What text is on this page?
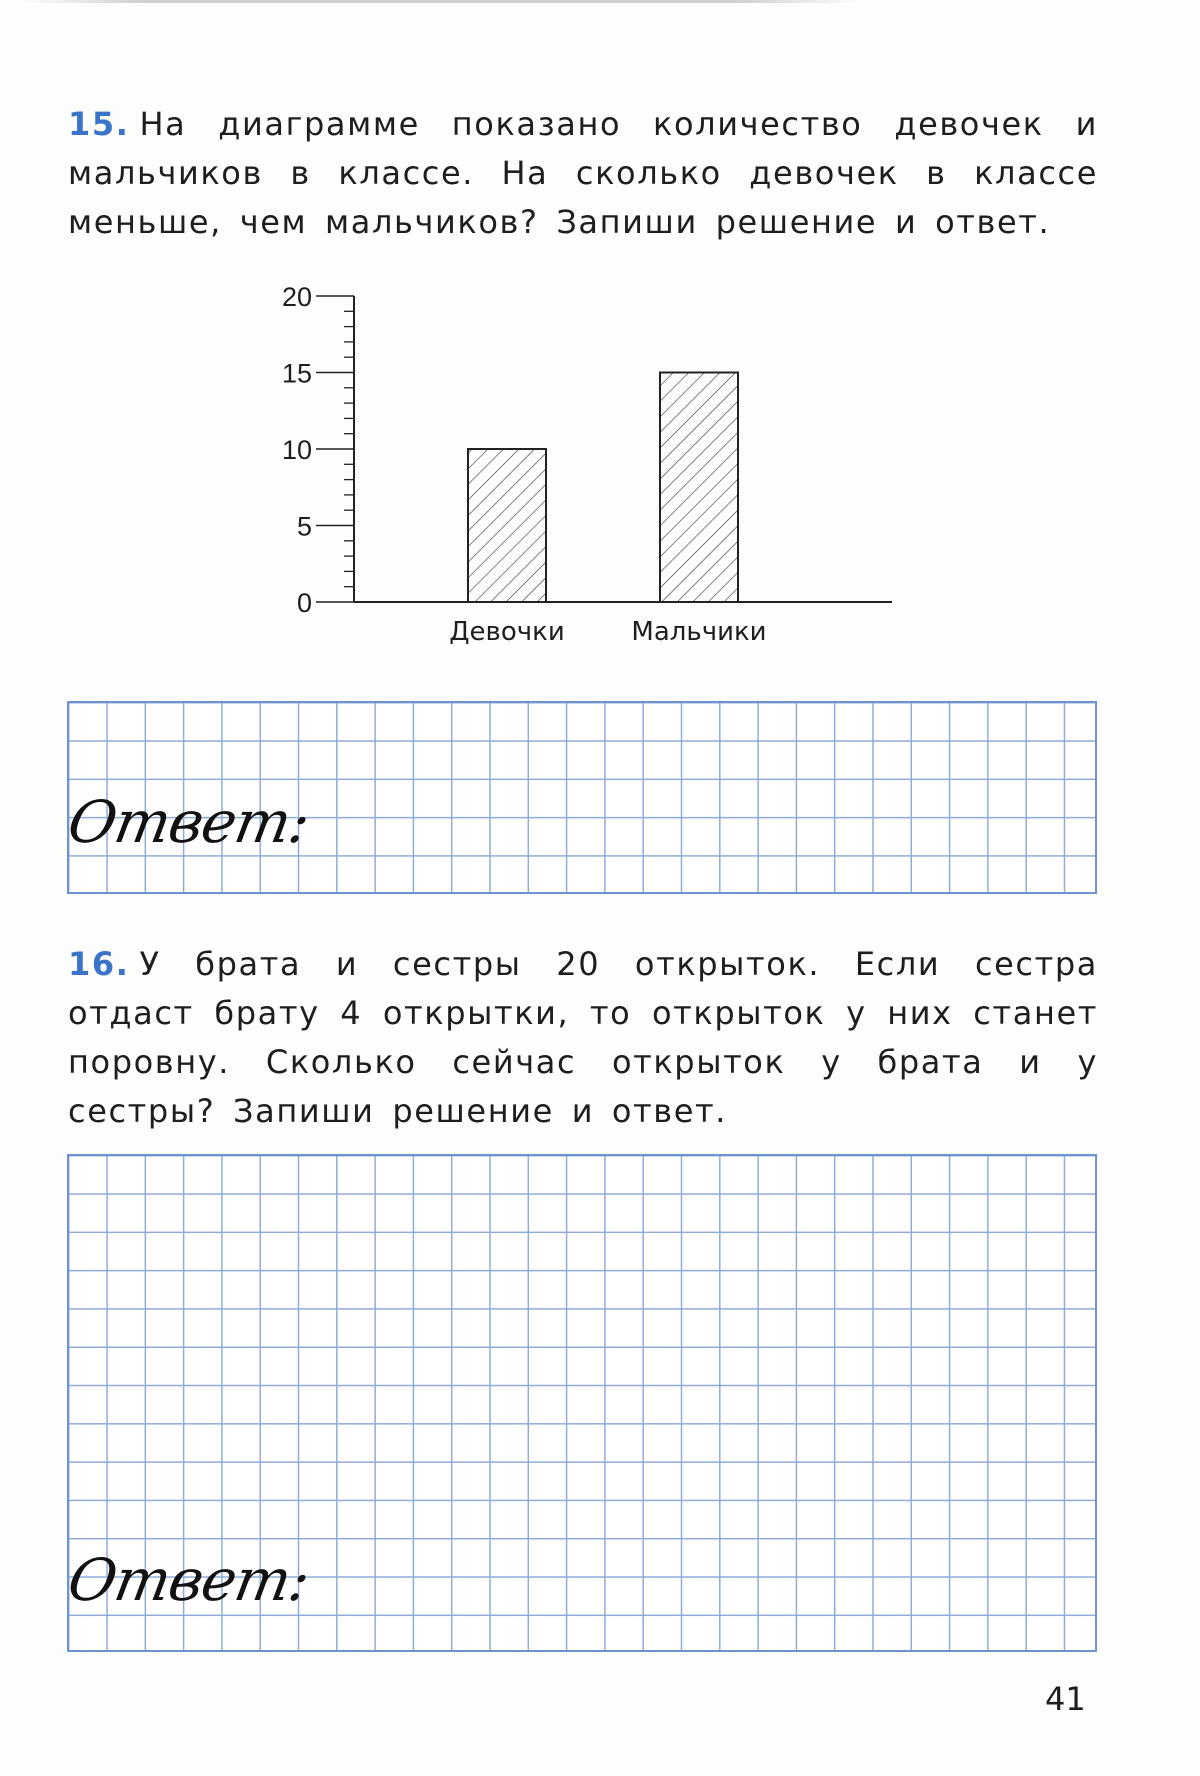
15. На диаграмме показано количество девочек и мальчиков в классе. На сколько девочек в классе меньше, чем мальчиков? Запиши решение и ответ.
0
5
10
15
20
Девочки	Мальчики
Ответ:
16. У брата и сестры 20 открыток. Если сестра отдаст брату 4 открытки, то открыток у них станет поровну. Сколько сейчас открыток у брата и у сестры? Запиши решение и ответ.
Ответ:
41
